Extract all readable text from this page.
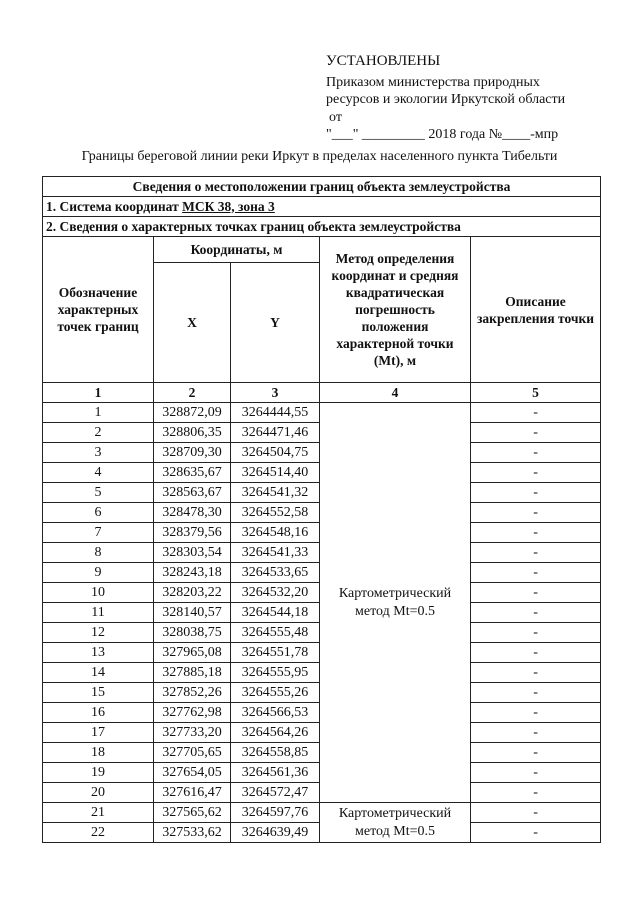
УСТАНОВЛЕНЫ
Приказом министерства природных
ресурсов и экологии Иркутской области
от
"___" _________ 2018 года №____-мпр
Границы береговой линии реки Иркут в пределах населенного пункта Тибельти
Сведения о местоположении границ объекта землеустройства				
1. Система координат МСК 38, зона 3				
2. Сведения о характерных точках границ объекта землеустройства				
Обозначение характерных точек границ	Координаты, м		Метод определения координат и средняя квадратическая погрешность положения характерной точки (Mt), м	Описание закрепления точки
	X	Y		
1	2	3	4	5
1	328872,09	3264444,55	Картометрический метод Mt=0.5	-
2	328806,35	3264471,46		-
3	328709,30	3264504,75		-
4	328635,67	3264514,40		-
5	328563,67	3264541,32		-
6	328478,30	3264552,58		-
7	328379,56	3264548,16		-
8	328303,54	3264541,33		-
9	328243,18	3264533,65		-
10	328203,22	3264532,20		-
11	328140,57	3264544,18		-
12	328038,75	3264555,48		-
13	327965,08	3264551,78		-
14	327885,18	3264555,95		-
15	327852,26	3264555,26		-
16	327762,98	3264566,53		-
17	327733,20	3264564,26		-
18	327705,65	3264558,85		-
19	327654,05	3264561,36		-
20	327616,47	3264572,47		-
21	327565,62	3264597,76	Картометрический метод Mt=0.5	-
22	327533,62	3264639,49		-
